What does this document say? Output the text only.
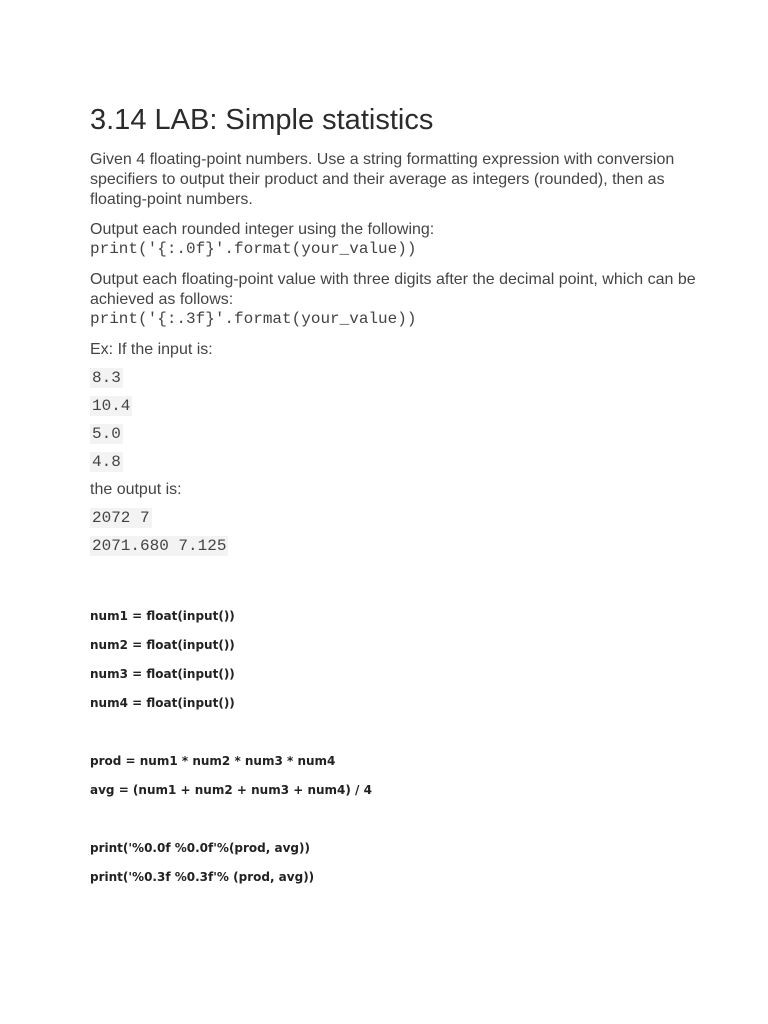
3.14 LAB: Simple statistics

Given 4 floating-point numbers. Use a string formatting expression with conversion specifiers to output their product and their average as integers (rounded), then as floating-point numbers.

Output each rounded integer using the following:

print('{:.0f}'.format(your_value))

Output each floating-point value with three digits after the decimal point, which can be achieved as follows:

print('{:.3f}'.format(your_value))

Ex: If the input is:

8.3
10.4
5.0
4.8

the output is:

2072 7
2071.680 7.125
num1 = float(input())
num2 = float(input())
num3 = float(input())
num4 = float(input())
prod = num1 * num2 * num3 * num4
avg = (num1 + num2 + num3 + num4) / 4
print('%0.0f %0.0f'%(prod, avg))
print('%0.3f %0.3f'% (prod, avg))
